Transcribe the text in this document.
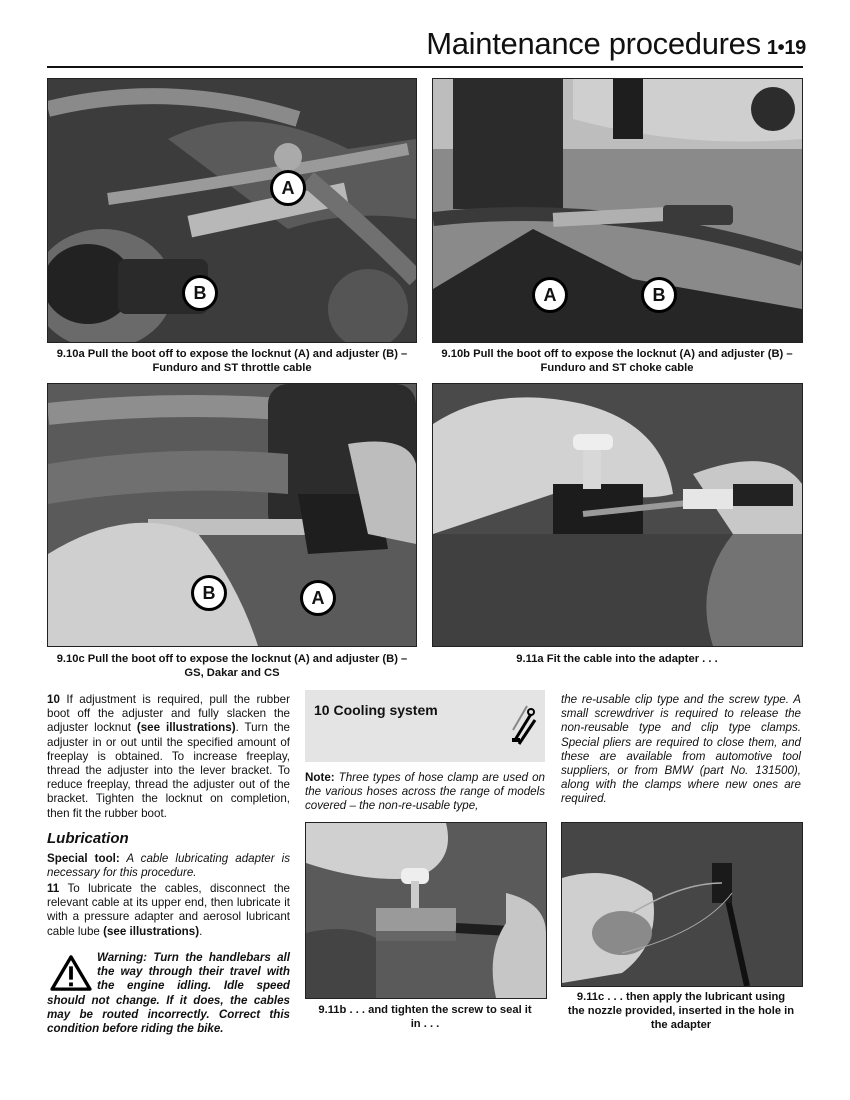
Maintenance procedures 1•19
A
B
9.10a Pull the boot off to expose the locknut (A) and adjuster (B) –
Funduro and ST throttle cable
A	B
9.10b Pull the boot off to expose the locknut (A) and adjuster (B) –
Funduro and ST choke cable
B	A
9.10c Pull the boot off to expose the locknut (A) and adjuster (B) –
GS, Dakar and CS
9.11a Fit the cable into the adapter . . .
10 If adjustment is required, pull the rubber boot off the adjuster and fully slacken the adjuster locknut (see illustrations). Turn the adjuster in or out until the specified amount of freeplay is obtained. To increase freeplay, thread the adjuster into the lever bracket. To reduce freeplay, thread the adjuster out of the bracket. Tighten the locknut on completion, then fit the rubber boot.
Lubrication
Special tool: A cable lubricating adapter is necessary for this procedure.
11 To lubricate the cables, disconnect the relevant cable at its upper end, then lubricate it with a pressure adapter and aerosol lubricant cable lube (see illustrations).
Warning: Turn the handlebars all the way through their travel with the engine idling. Idle speed should not change. If it does, the cables may be routed incorrectly. Correct this condition before riding the bike.
10 Cooling system
Note: Three types of hose clamp are used on the various hoses across the range of models covered – the non-re-usable type,
the re-usable clip type and the screw type. A small screwdriver is required to release the non-reusable type and clip type clamps. Special pliers are required to close them, and these are available from automotive tool suppliers, or from BMW (part No. 131500), along with the clamps where new ones are required.
9.11b . . . and tighten the screw to seal it
in . . .
9.11c . . . then apply the lubricant using
the nozzle provided, inserted in the hole in
the adapter
